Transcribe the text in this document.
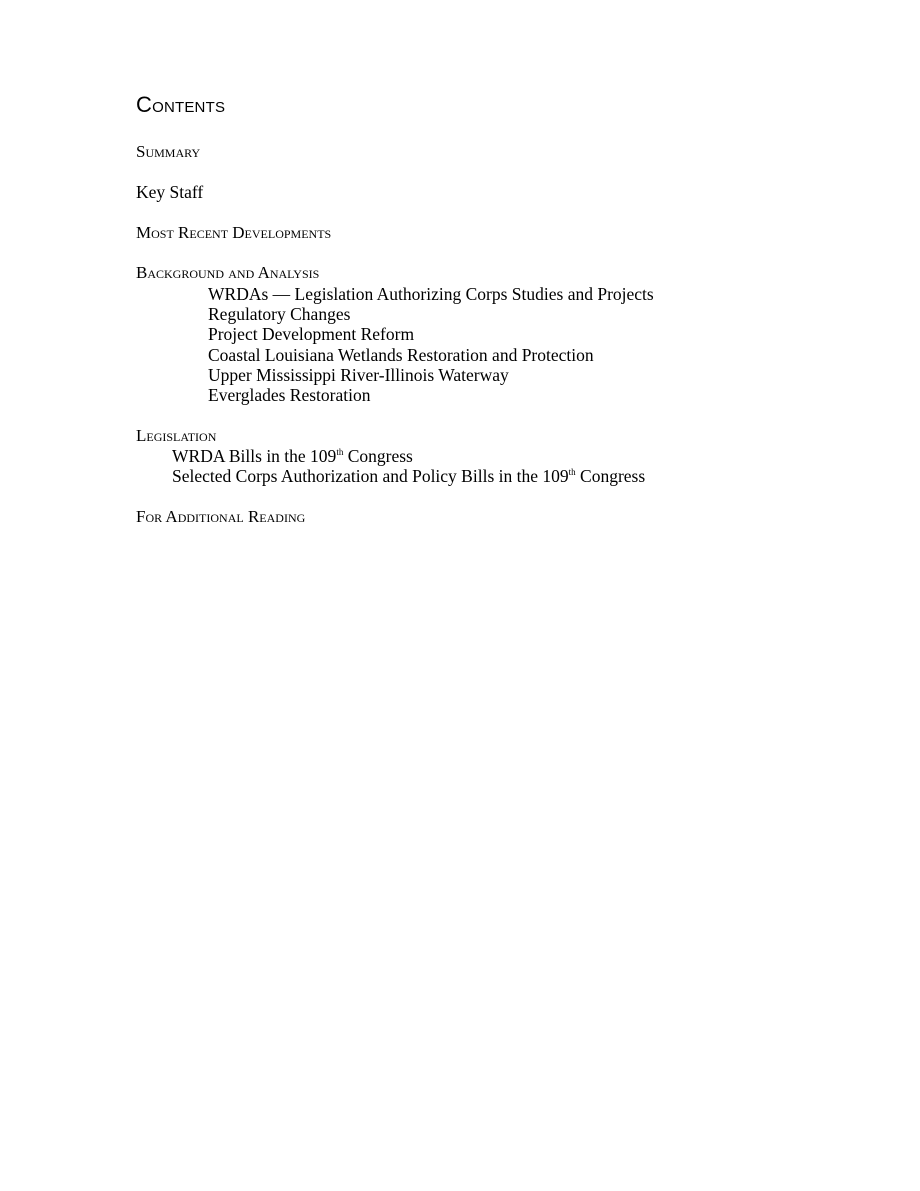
Contents
Summary
Key Staff
Most Recent Developments
Background and Analysis
WRDAs — Legislation Authorizing Corps Studies and Projects
Regulatory Changes
Project Development Reform
Coastal Louisiana Wetlands Restoration and Protection
Upper Mississippi River-Illinois Waterway
Everglades Restoration
Legislation
WRDA Bills in the 109th Congress
Selected Corps Authorization and Policy Bills in the 109th Congress
For Additional Reading
